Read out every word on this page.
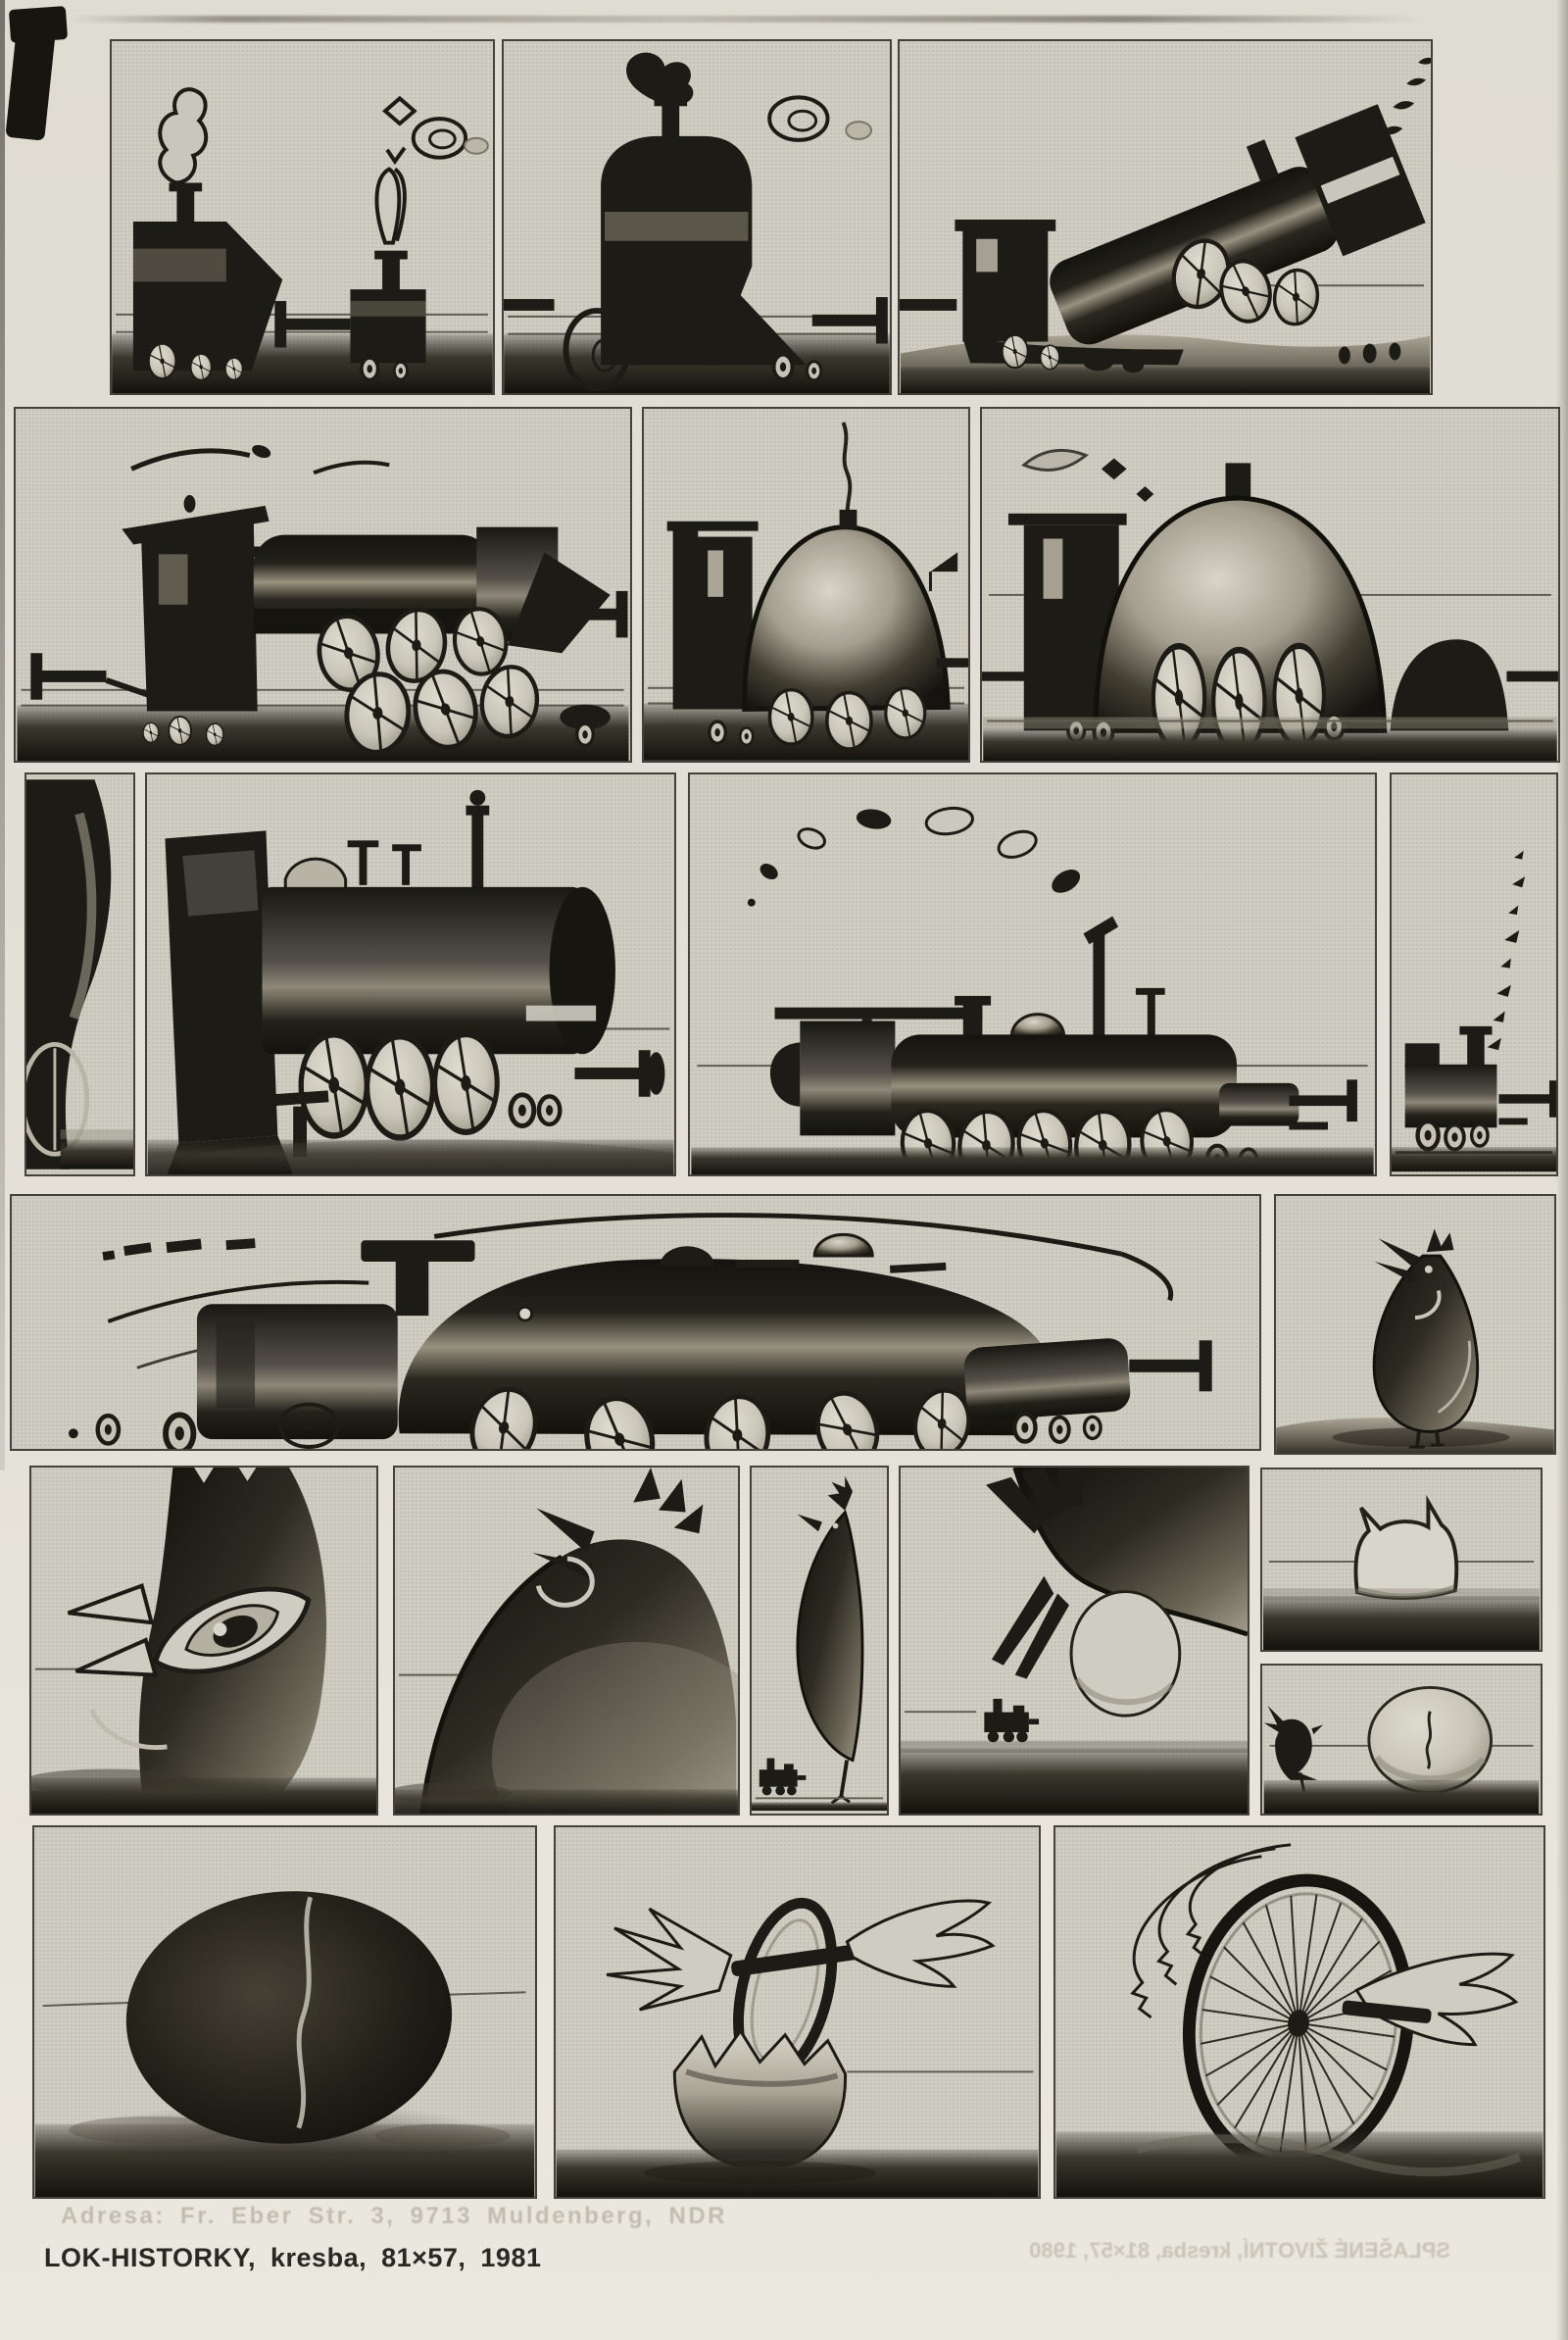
Adresa: Fr. Eber Str. 3, 9713 Muldenberg, NDR
SPLAŠENÉ ŽIVOTNÍ, kresba, 81×57, 1980
LOK-HISTORKY, kresba, 81×57, 1981
